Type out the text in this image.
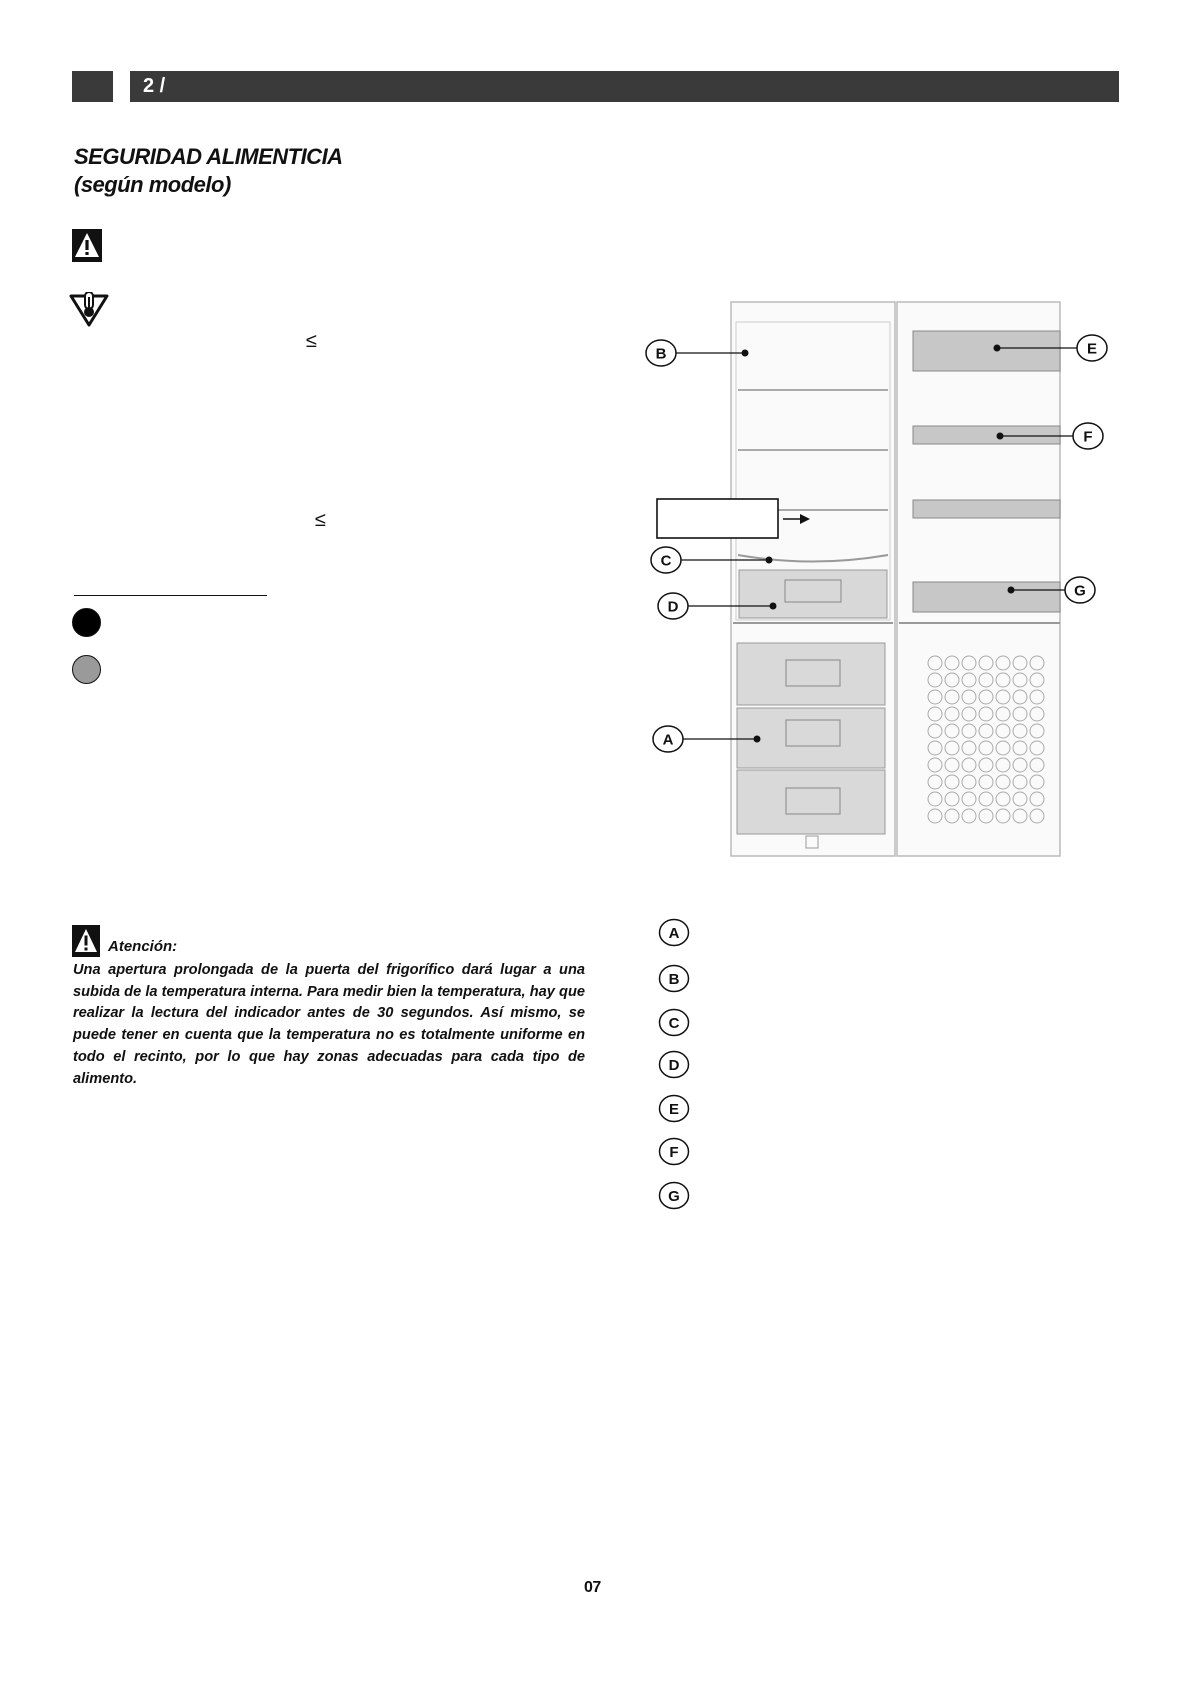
2 /
SEGURIDAD ALIMENTICIA
(según modelo)
≤
≤
Atención:
Una apertura prolongada de la puerta del frigorífico dará lugar a una subida de la temperatura interna. Para medir bien la temperatura, hay que realizar la lectura del indicador antes de 30 segundos. Así mismo, se puede tener en cuenta que la temperatura no es totalmente uniforme en todo el recinto, por lo que hay zonas adecuadas para cada tipo de alimento.
A
B
C
D
E
F
G
A
B
C
D
E
F
G
07
